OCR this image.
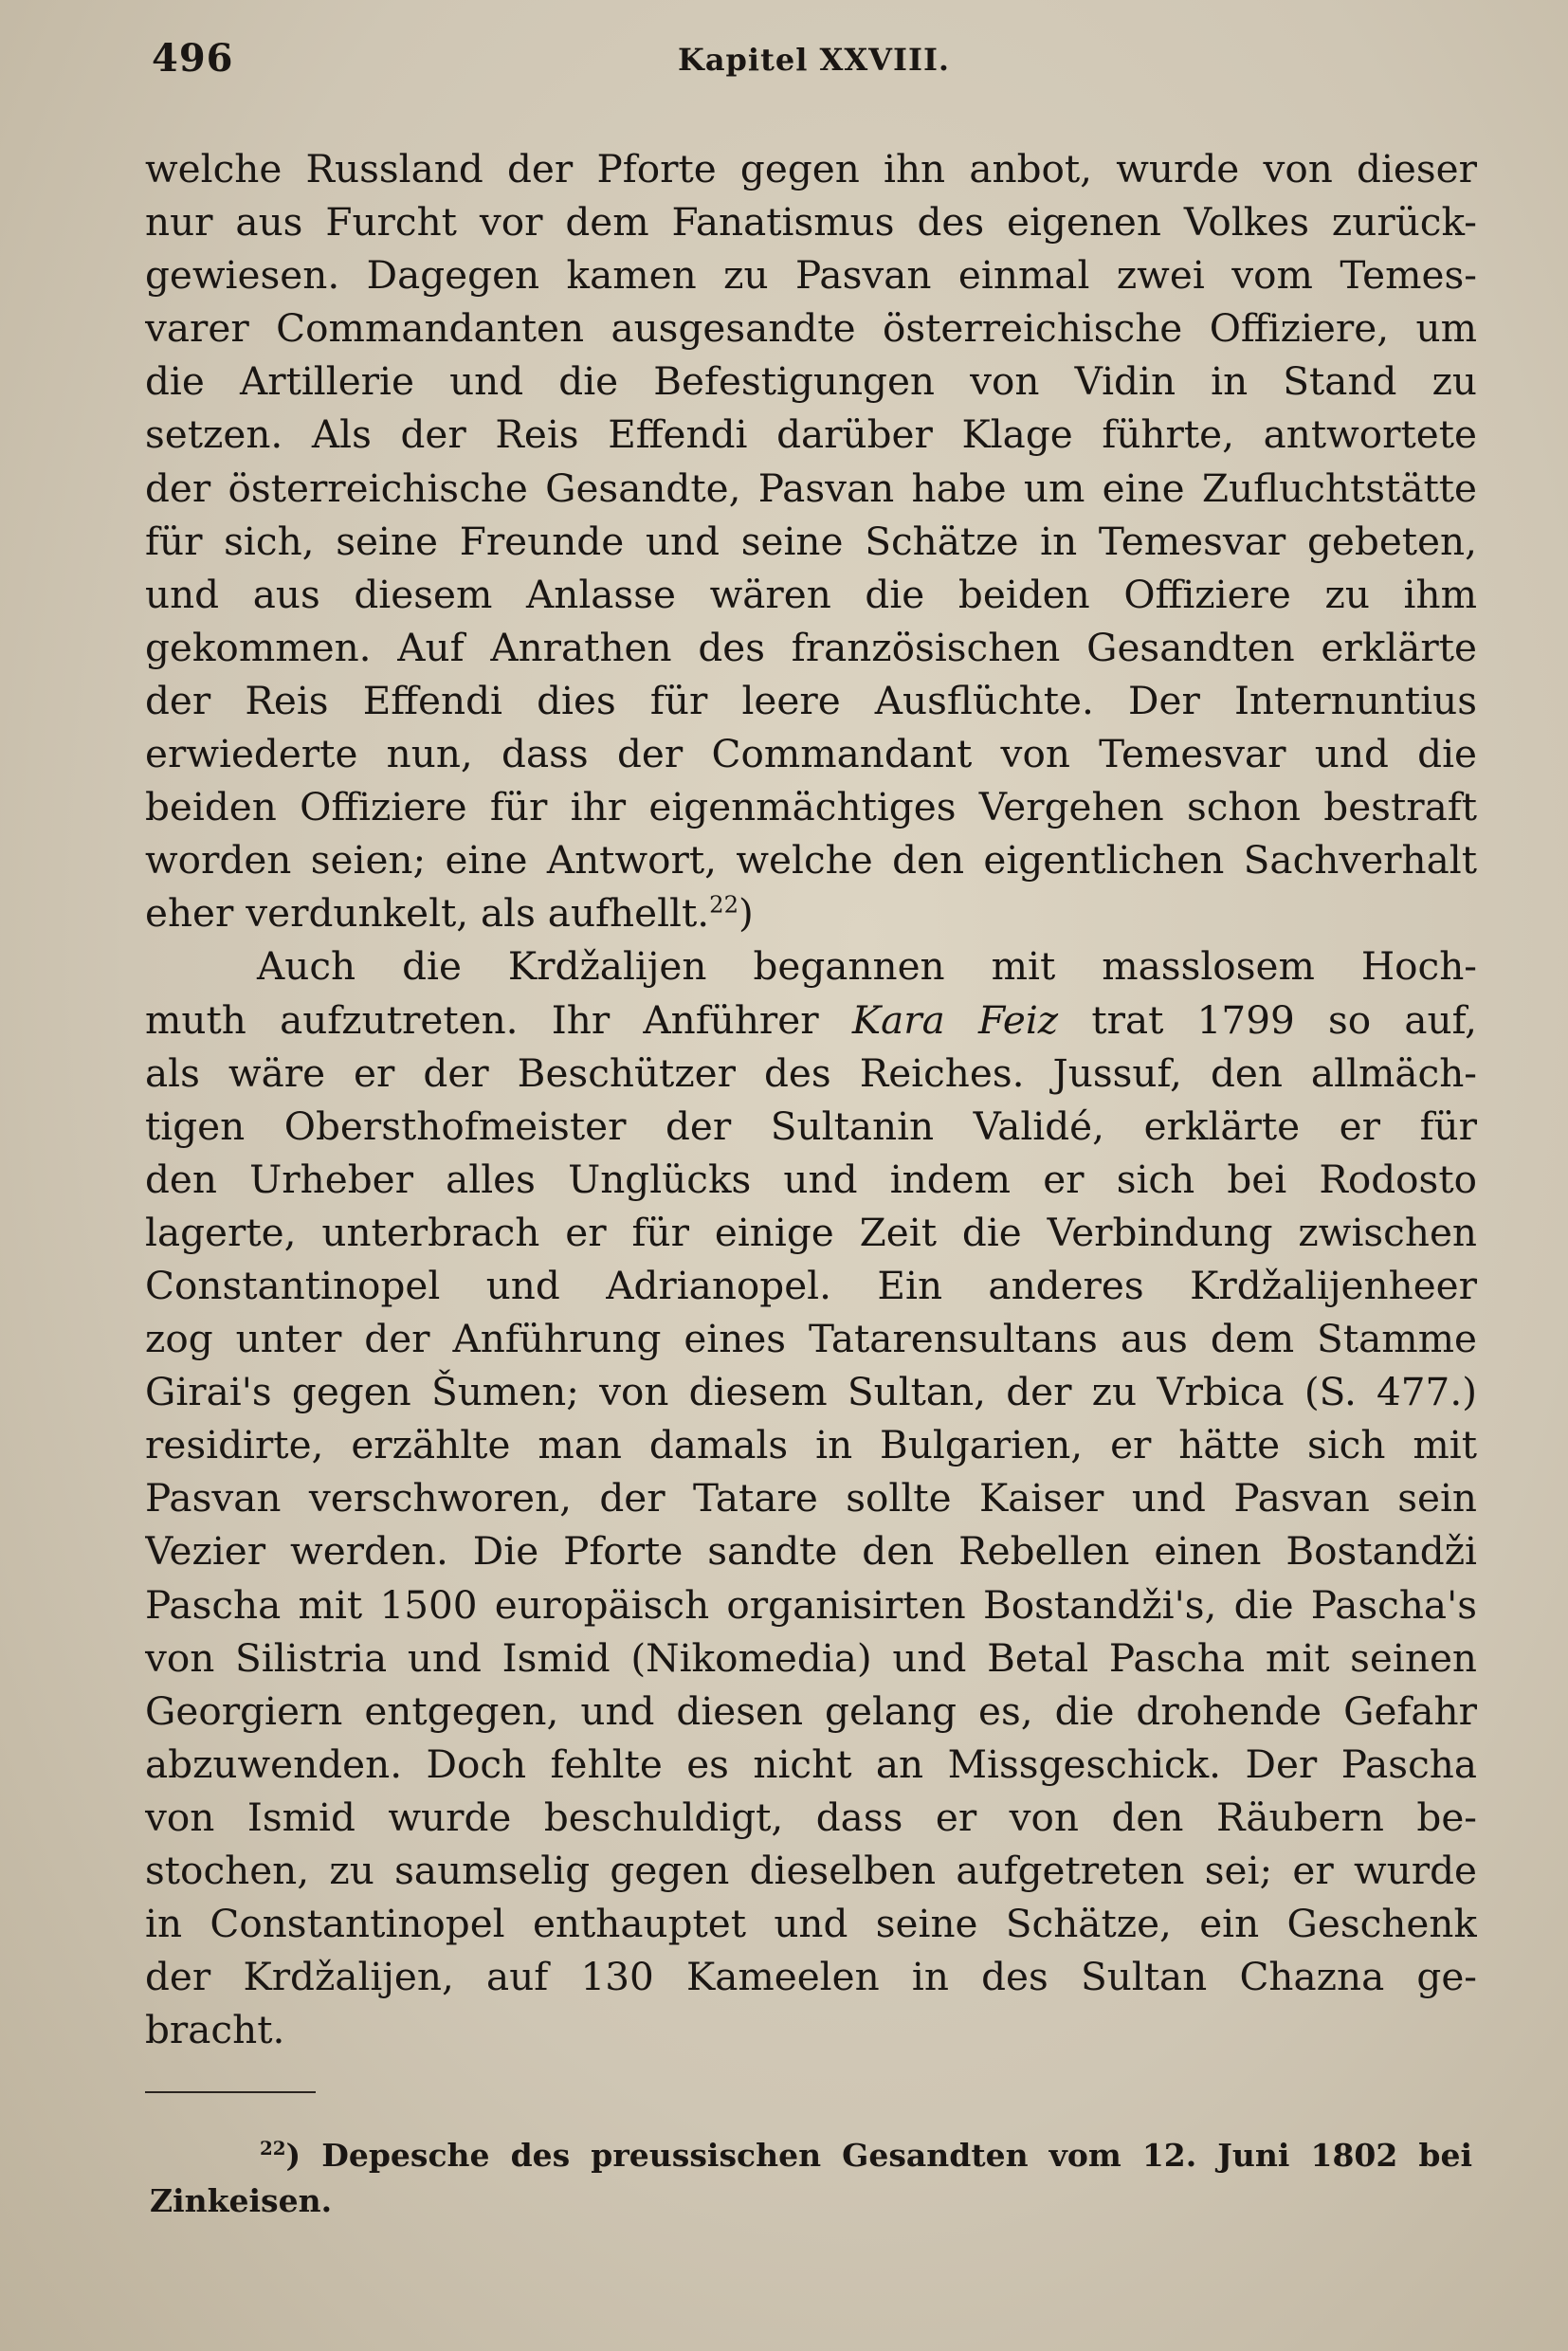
496	Kapitel XXVIII.
welche Russland der Pforte gegen ihn anbot, wurde von dieser
nur aus Furcht vor dem Fanatismus des eigenen Volkes zurück-
gewiesen. Dagegen kamen zu Pasvan einmal zwei vom Temes-
varer Commandanten ausgesandte österreichische Offiziere, um
die Artillerie und die Befestigungen von Vidin in Stand zu
setzen. Als der Reis Effendi darüber Klage führte, antwortete
der österreichische Gesandte, Pasvan habe um eine Zufluchtstätte
für sich, seine Freunde und seine Schätze in Temesvar gebeten,
und aus diesem Anlasse wären die beiden Offiziere zu ihm
gekommen. Auf Anrathen des französischen Gesandten erklärte
der Reis Effendi dies für leere Ausflüchte. Der Internuntius
erwiederte nun, dass der Commandant von Temesvar und die
beiden Offiziere für ihr eigenmächtiges Vergehen schon bestraft
worden seien; eine Antwort, welche den eigentlichen Sachverhalt
eher verdunkelt, als aufhellt.$^{22}$)
Auch die Krdžalijen begannen mit masslosem Hoch-
muth aufzutreten. Ihr Anführer Kara Feiz trat 1799 so auf,
als wäre er der Beschützer des Reiches. Jussuf, den allmäch-
tigen Obersthofmeister der Sultanin Validé, erklärte er für
den Urheber alles Unglücks und indem er sich bei Rodosto
lagerte, unterbrach er für einige Zeit die Verbindung zwischen
Constantinopel und Adrianopel. Ein anderes Krdžalijenheer
zog unter der Anführung eines Tatarensultans aus dem Stamme
Girai's gegen Šumen; von diesem Sultan, der zu Vrbica (S. 477.)
residirte, erzählte man damals in Bulgarien, er hätte sich mit
Pasvan verschworen, der Tatare sollte Kaiser und Pasvan sein
Vezier werden. Die Pforte sandte den Rebellen einen Bostandži
Pascha mit 1500 europäisch organisirten Bostandži's, die Pascha's
von Silistria und Ismid (Nikomedia) und Betal Pascha mit seinen
Georgiern entgegen, und diesen gelang es, die drohende Gefahr
abzuwenden. Doch fehlte es nicht an Missgeschick. Der Pascha
von Ismid wurde beschuldigt, dass er von den Räubern be-
stochen, zu saumselig gegen dieselben aufgetreten sei; er wurde
in Constantinopel enthauptet und seine Schätze, ein Geschenk
der Krdžalijen, auf 130 Kameelen in des Sultan Chazna ge-
bracht.
$^{22}$) Depesche des preussischen Gesandten vom 12. Juni 1802 bei
Zinkeisen.
